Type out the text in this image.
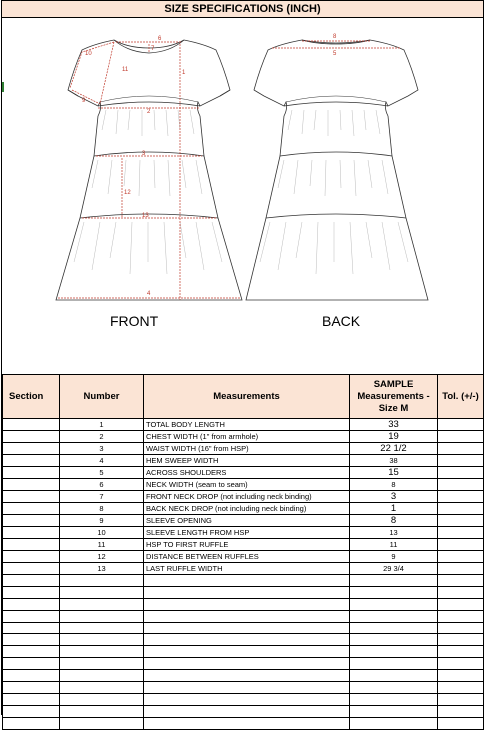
SIZE SPECIFICATIONS (INCH)
6
7
10
11	1
9
2
3
12
13
4
8
5
FRONT	BACK
Section	Number	Measurements	SAMPLE Measurements - Size M	Tol. (+/-)
	1	TOTAL BODY LENGTH	33	
	2	CHEST WIDTH (1" from armhole)	19	
	3	WAIST WIDTH (16" from HSP)	22 1/2	
	4	HEM SWEEP WIDTH	38	
	5	ACROSS SHOULDERS	15	
	6	NECK WIDTH (seam to seam)	8	
	7	FRONT NECK DROP (not including neck binding)	3	
	8	BACK NECK DROP (not including neck binding)	1	
	9	SLEEVE OPENING	8	
	10	SLEEVE LENGTH FROM HSP	13	
	11	HSP TO FIRST RUFFLE	11	
	12	DISTANCE BETWEEN RUFFLES	9	
	13	LAST RUFFLE WIDTH	29 3/4	
